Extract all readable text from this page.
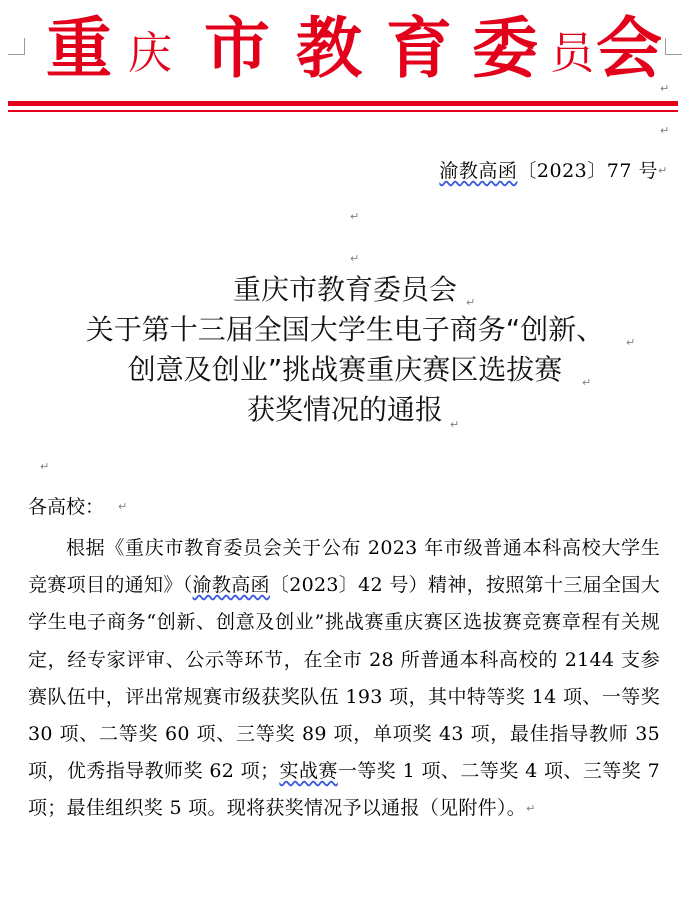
重 庆 市 教 育 委 员 会
↵
↵
渝教高函〔2023〕77 号 ↵
↵
↵
重庆市教育委员会
关于第十三届全国大学生电子商务“创新、
创意及创业”挑战赛重庆赛区选拔赛
获奖情况的通报
↵
↵
↵
↵
↵
各高校： ↵
根据《重庆市教育委员会关于公布 2023 年市级普通本科高校大学生竞赛项目的通知》（渝教高函〔2023〕42 号）精神，按照第十三届全国大学生电子商务“创新、创意及创业”挑战赛重庆赛区选拔赛竞赛章程有关规定，经专家评审、公示等环节，在全市 28 所普通本科高校的 2144 支参赛队伍中，评出常规赛市级获奖队伍 193 项，其中特等奖 14 项、一等奖 30 项、二等奖 60 项、三等奖 89 项，单项奖 43 项，最佳指导教师 35 项，优秀指导教师奖 62 项；实战赛一等奖 1 项、二等奖 4 项、三等奖 7 项；最佳组织奖 5 项。现将获奖情况予以通报（见附件）。↵
